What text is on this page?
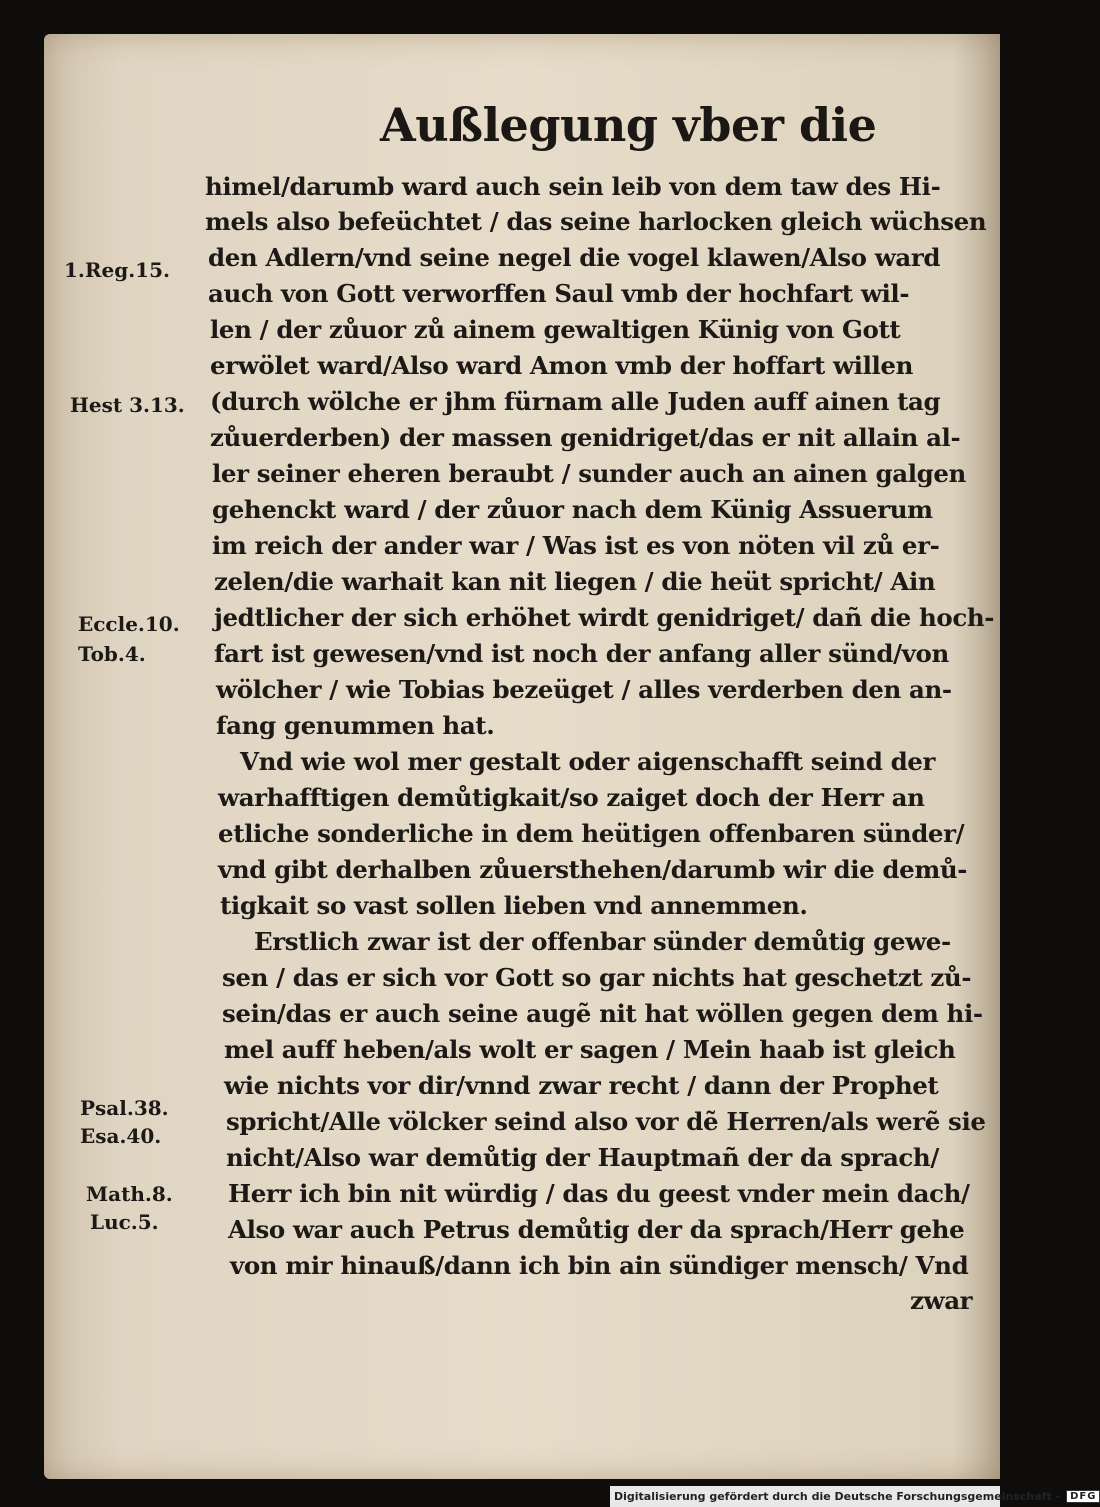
Außlegung vber die
himel/darumb ward auch sein leib von dem taw des Hi-
mels also befeüchtet / das seine harlocken gleich wüchsen
den Adlern/vnd seine negel die vogel klawen/Also ward
auch von Gott verworffen Saul vmb der hochfart wil-
len / der zůuor zů ainem gewaltigen Künig von Gott
erwölet ward/Also ward Amon vmb der hoffart willen
(durch wölche er jhm fürnam alle Juden auff ainen tag
zůuerderben) der massen genidriget/das er nit allain al-
ler seiner eheren beraubt / sunder auch an ainen galgen
gehenckt ward / der zůuor nach dem Künig Assuerum
im reich der ander war / Was ist es von nöten vil zů er-
zelen/die warhait kan nit liegen / die heüt spricht/ Ain
jedtlicher der sich erhöhet wirdt genidriget/ dañ die hoch-
fart ist gewesen/vnd ist noch der anfang aller sünd/von
wölcher / wie Tobias bezeüget / alles verderben den an-
fang genummen hat.
Vnd wie wol mer gestalt oder aigenschafft seind der
warhafftigen demůtigkait/so zaiget doch der Herr an
etliche sonderliche in dem heütigen offenbaren sünder/
vnd gibt derhalben zůuersthehen/darumb wir die demů-
tigkait so vast sollen lieben vnd annemmen.
Erstlich zwar ist der offenbar sünder demůtig gewe-
sen / das er sich vor Gott so gar nichts hat geschetzt zů-
sein/das er auch seine augẽ nit hat wöllen gegen dem hi-
mel auff heben/als wolt er sagen / Mein haab ist gleich
wie nichts vor dir/vnnd zwar recht / dann der Prophet
spricht/Alle völcker seind also vor dẽ Herren/als werẽ sie
nicht/Also war demůtig der Hauptmañ der da sprach/
Herr ich bin nit würdig / das du geest vnder mein dach/
Also war auch Petrus demůtig der da sprach/Herr gehe
von mir hinauß/dann ich bin ain sündiger mensch/ Vnd
zwar
1.Reg.15.
Hest 3.13.
Eccle.10.
Tob.4.
Psal.38.
Esa.40.
Math.8.
Luc.5.
Digitalisierung gefördert durch die Deutsche Forschungsgemeinschaft -	DFG
